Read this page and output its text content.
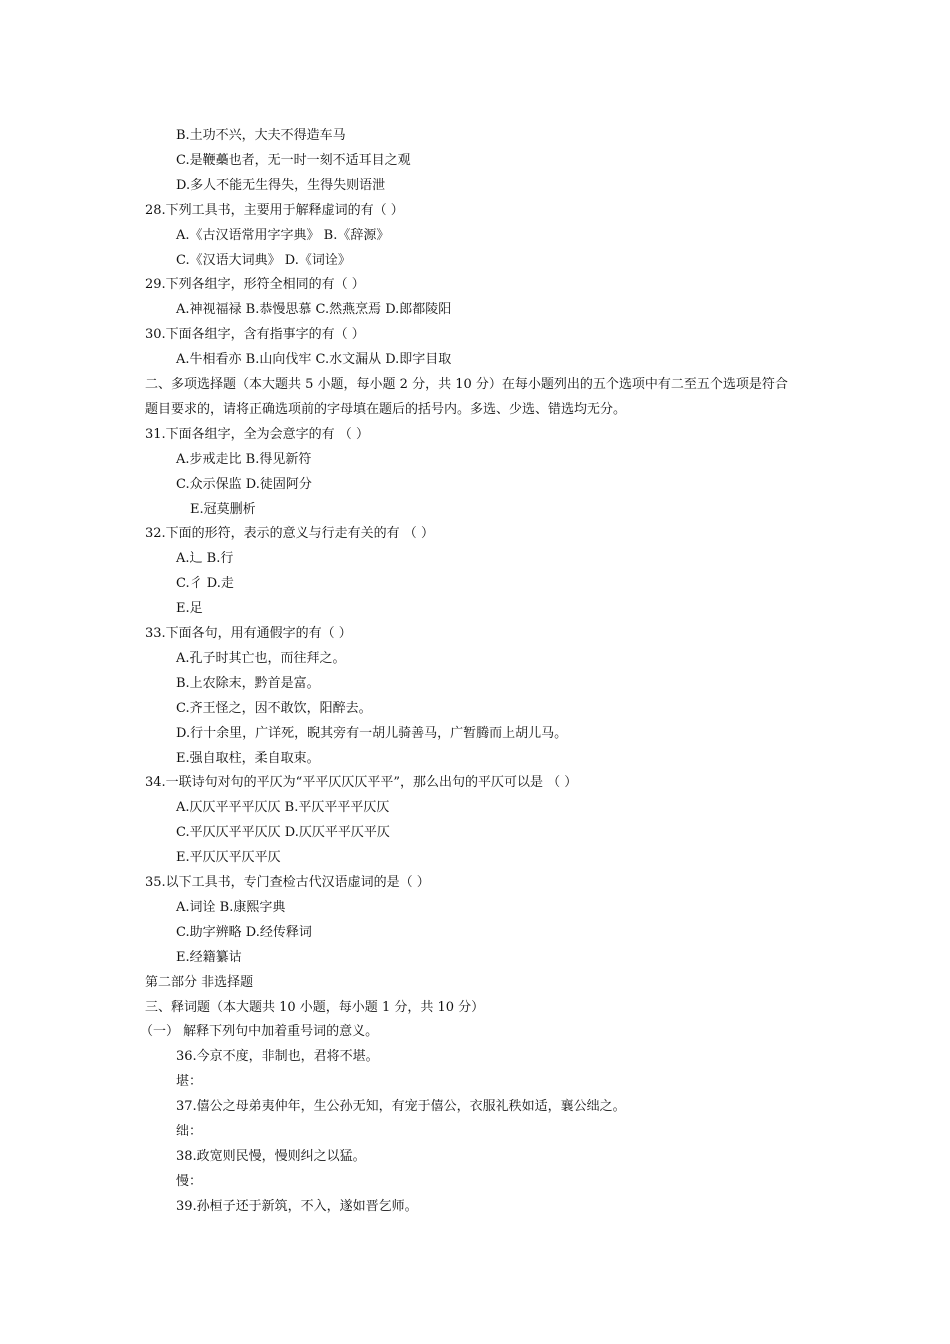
B.土功不兴，大夫不得造车马
C.是鞭蘽也者，无一时一刻不适耳目之观
D.多人不能无生得失，生得失则语泄
28.下列工具书，主要用于解释虚词的有（ ）
A.《古汉语常用字字典》 B.《辞源》
C.《汉语大词典》 D.《词诠》
29.下列各组字，形符全相同的有（ ）
A.神视福禄 B.恭慢思慕 C.然燕烹焉 D.郎都陵阳
30.下面各组字，含有指事字的有（ ）
A.牛相看亦 B.山向伐牢 C.水文漏从 D.即字目取
二、多项选择题（本大题共 5 小题，每小题 2 分，共 10 分）在每小题列出的五个选项中有二至五个选项是符合
题目要求的，请将正确选项前的字母填在题后的括号内。多选、少选、错选均无分。
31.下面各组字，全为会意字的有 （ ）
A.步戒走比 B.得见新符
C.众示保监 D.徒固阿分
E.冠莫删析
32.下面的形符，表示的意义与行走有关的有 （ ）
A.辶 B.行
C.彳 D.走
E.足
33.下面各句，用有通假字的有（ ）
A.孔子时其亡也，而往拜之。
B.上农除末，黔首是富。
C.齐王怪之，因不敢饮，阳醉去。
D.行十余里，广详死，睨其旁有一胡儿骑善马，广暂腾而上胡儿马。
E.强自取柱，柔自取束。
34.一联诗句对句的平仄为“平平仄仄仄平平”，那么出句的平仄可以是 （ ）
A.仄仄平平平仄仄 B.平仄平平平仄仄
C.平仄仄平平仄仄 D.仄仄平平仄平仄
E.平仄仄平仄平仄
35.以下工具书，专门查检古代汉语虚词的是（ ）
A.词诠 B.康熙字典
C.助字辨略 D.经传释词
E.经籍纂诂
第二部分 非选择题
三、释词题（本大题共 10 小题，每小题 1 分，共 10 分）
（一） 解释下列句中加着重号词的意义。
36.今京不度，非制也，君将不堪。
堪：
37.僖公之母弟夷仲年，生公孙无知，有宠于僖公，衣服礼秩如适，襄公绌之。
绌：
38.政宽则民慢，慢则纠之以猛。
慢：
39.孙桓子还于新筑，不入，遂如晋乞师。
